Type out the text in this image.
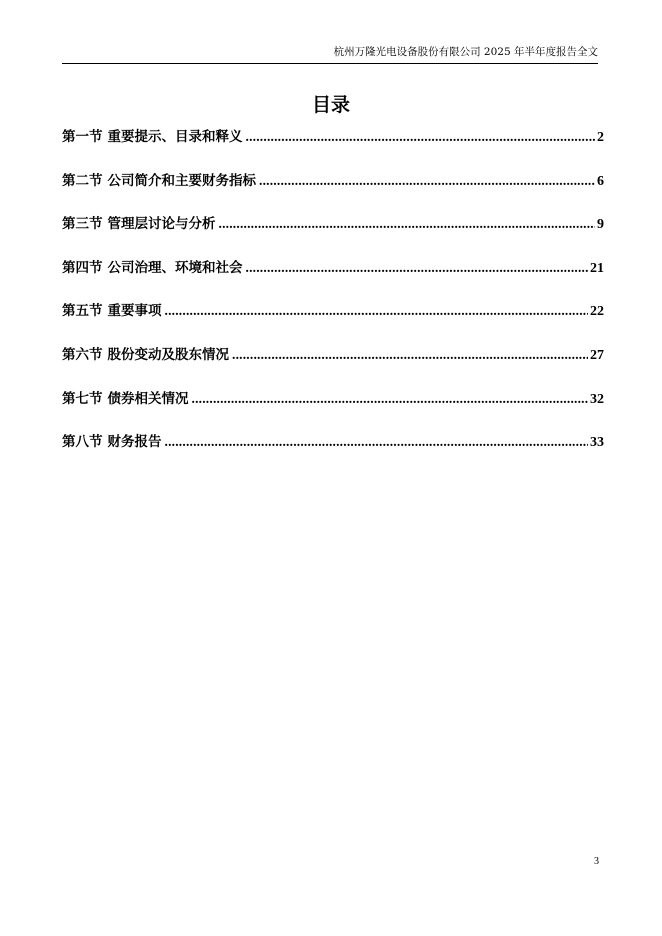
杭州万隆光电设备股份有限公司 2025 年半年度报告全文
目录
第一节 重要提示、目录和释义 .....	2
第二节 公司简介和主要财务指标 .....	6
第三节 管理层讨论与分析 .....	9
第四节 公司治理、环境和社会 .....	21
第五节 重要事项 .....	22
第六节 股份变动及股东情况 .....	27
第七节 债券相关情况 .....	32
第八节 财务报告 .....	33
3
